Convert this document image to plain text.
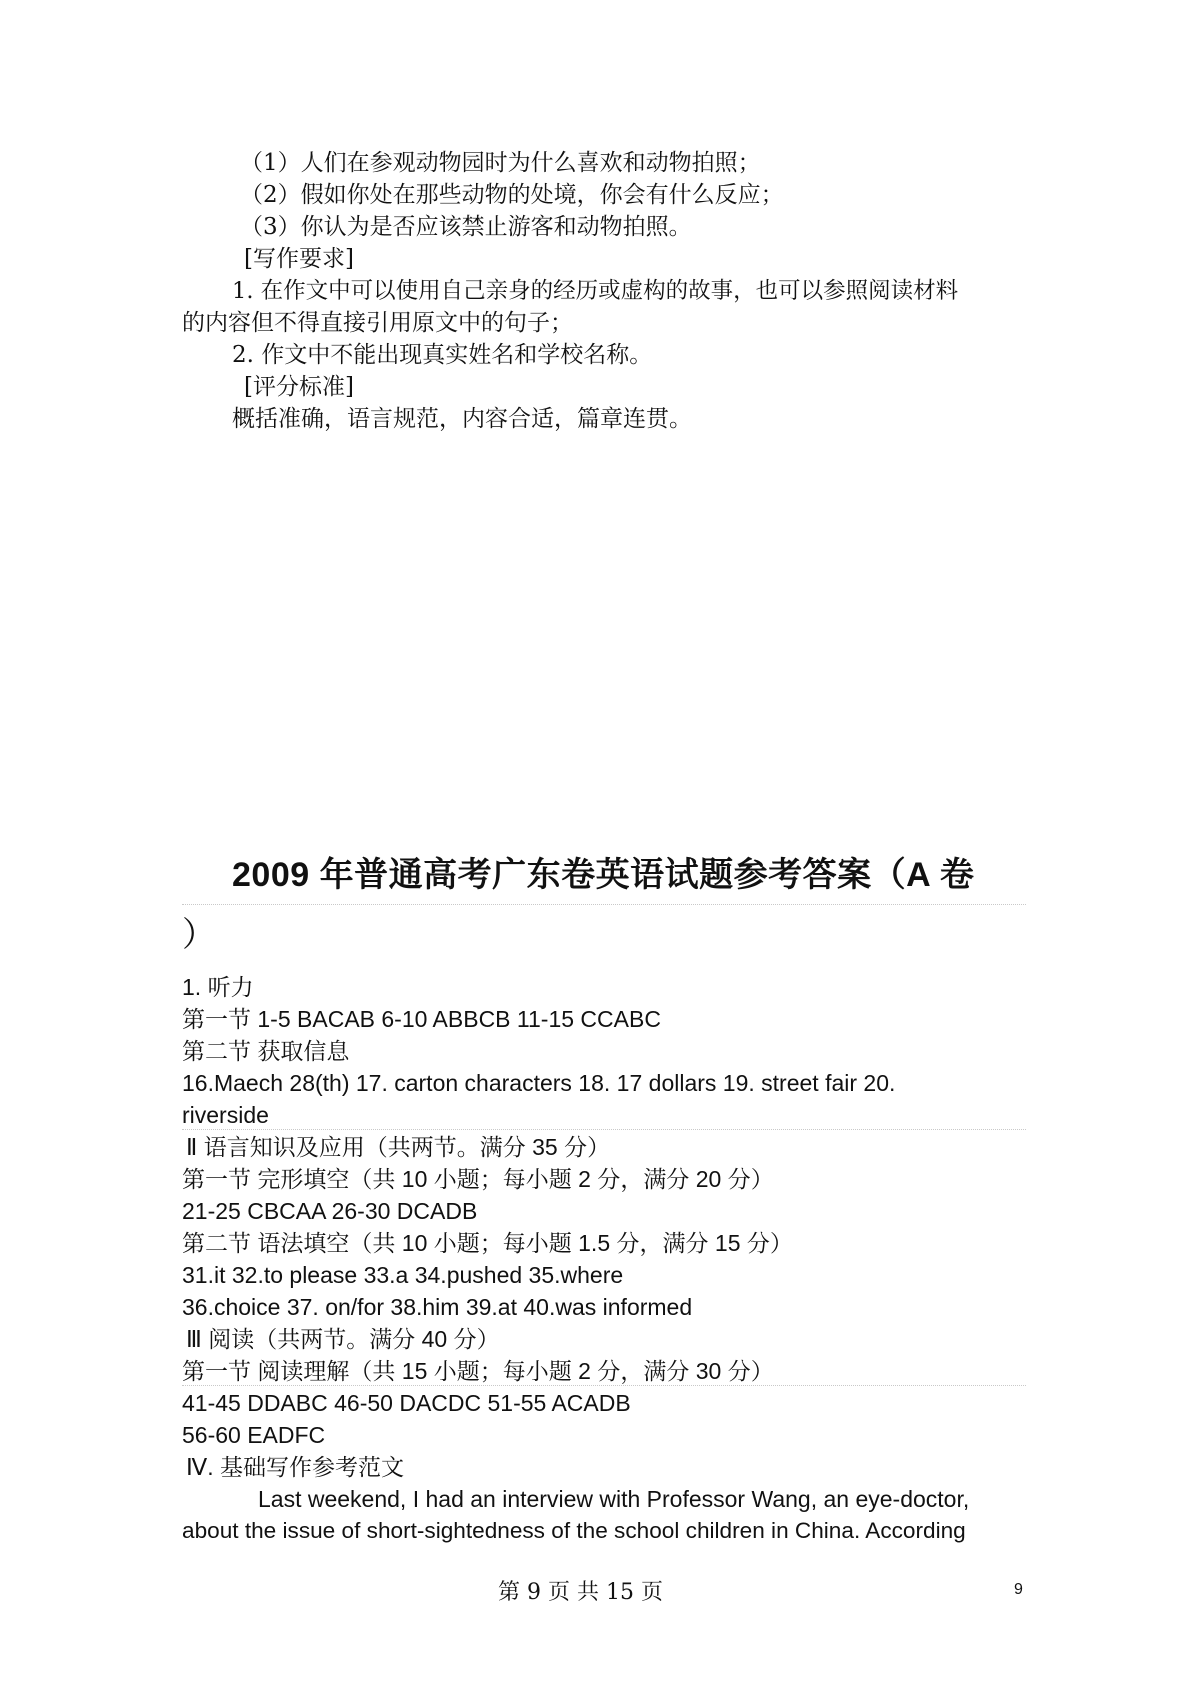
（1）人们在参观动物园时为什么喜欢和动物拍照；
（2）假如你处在那些动物的处境，你会有什么反应；
（3）你认为是否应该禁止游客和动物拍照。
[写作要求]
1. 在作文中可以使用自己亲身的经历或虚构的故事，也可以参照阅读材料
的内容但不得直接引用原文中的句子；
2. 作文中不能出现真实姓名和学校名称。
[评分标准]
概括准确，语言规范，内容合适，篇章连贯。
2009 年普通高考广东卷英语试题参考答案（A 卷
）
1. 听力
第一节 1-5 BACAB 6-10 ABBCB 11-15 CCABC
第二节 获取信息
16.Maech 28(th) 17. carton characters 18. 17 dollars 19. street fair 20.
riverside
Ⅱ 语言知识及应用（共两节。满分 35 分）
第一节 完形填空（共 10 小题；每小题 2 分，满分 20 分）
21-25 CBCAA 26-30 DCADB
第二节 语法填空（共 10 小题；每小题 1.5 分，满分 15 分）
31.it 32.to please 33.a 34.pushed 35.where
36.choice 37. on/for 38.him 39.at 40.was informed
Ⅲ 阅读（共两节。满分 40 分）
第一节 阅读理解（共 15 小题；每小题 2 分，满分 30 分）
41-45 DDABC 46-50 DACDC 51-55 ACADB
56-60 EADFC
Ⅳ. 基础写作参考范文
Last weekend, I had an interview with Professor Wang, an eye-doctor,
about the issue of short-sightedness of the school children in China. According
第 9 页 共 15 页	9
